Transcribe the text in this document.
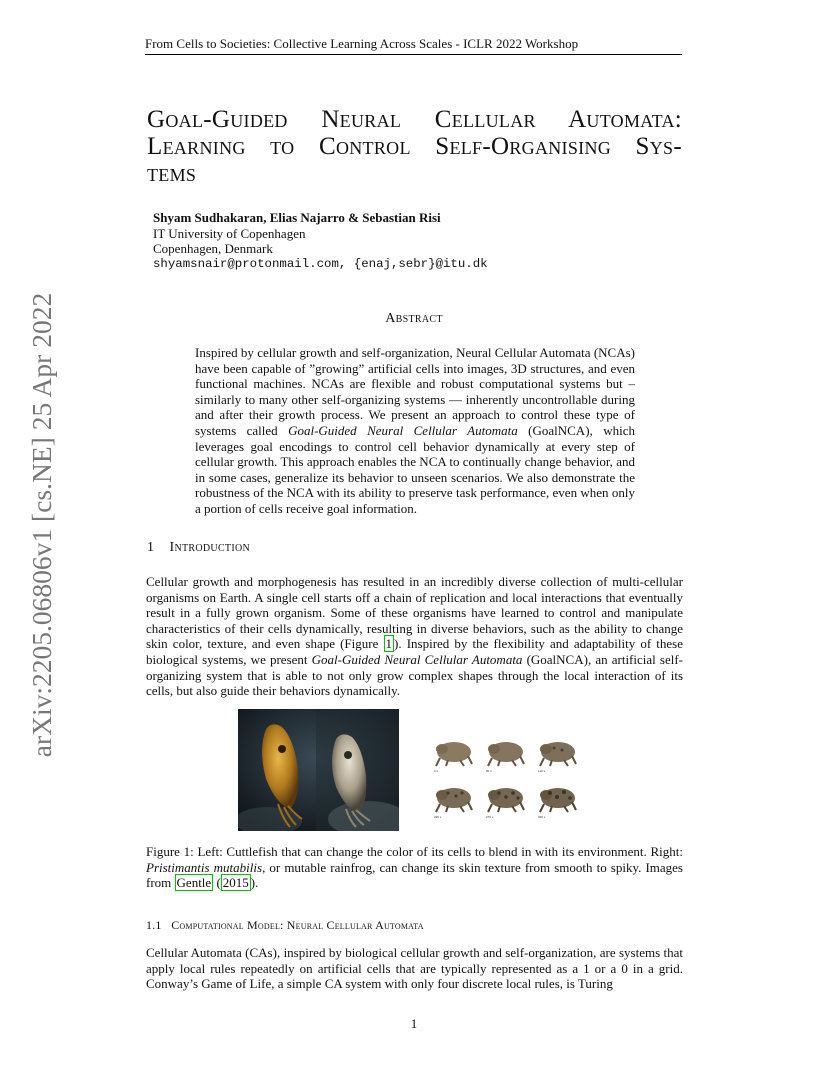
From Cells to Societies: Collective Learning Across Scales - ICLR 2022 Workshop
arXiv:2205.06806v1 [cs.NE] 25 Apr 2022
Goal-Guided Neural Cellular Automata:
Learning to Control Self-Organising Sys-
tems
Shyam Sudhakaran, Elias Najarro & Sebastian Risi
IT University of Copenhagen
Copenhagen, Denmark
shyamsnair@protonmail.com, {enaj,sebr}@itu.dk
Abstract
Inspired by cellular growth and self-organization, Neural Cellular Automata (NCAs) have been capable of ”growing” artificial cells into images, 3D structures, and even functional machines. NCAs are flexible and robust computational systems but – similarly to many other self-organizing systems — inherently uncontrollable during and after their growth process. We present an approach to control these type of systems called Goal-Guided Neural Cellular Automata (GoalNCA), which leverages goal encodings to control cell behavior dynamically at every step of cellular growth. This approach enables the NCA to continually change behavior, and in some cases, generalize its behavior to unseen scenarios. We also demonstrate the robustness of the NCA with its ability to preserve task performance, even when only a portion of cells receive goal information.
1 Introduction
Cellular growth and morphogenesis has resulted in an incredibly diverse collection of multi-cellular organisms on Earth. A single cell starts off a chain of replication and local interactions that eventually result in a fully grown organism. Some of these organisms have learned to control and manipulate characteristics of their cells dynamically, resulting in diverse behaviors, such as the ability to change skin color, texture, and even shape (Figure 1 ). Inspired by the flexibility and adaptability of these biological systems, we present Goal-Guided Neural Cellular Automata (GoalNCA), an artificial self-organizing system that is able to not only grow complex shapes through the local interaction of its cells, but also guide their behaviors dynamically.
0 s	60 s	110 s
230 s	270 s	330 s
Figure 1: Left: Cuttlefish that can change the color of its cells to blend in with its environment. Right: Pristimantis mutabilis, or mutable rainfrog, can change its skin texture from smooth to spiky. Images from Gentle ( 2015 ).
1.1 Computational Model: Neural Cellular Automata
Cellular Automata (CAs), inspired by biological cellular growth and self-organization, are systems that apply local rules repeatedly on artificial cells that are typically represented as a 1 or a 0 in a grid. Conway’s Game of Life, a simple CA system with only four discrete local rules, is Turing
1
